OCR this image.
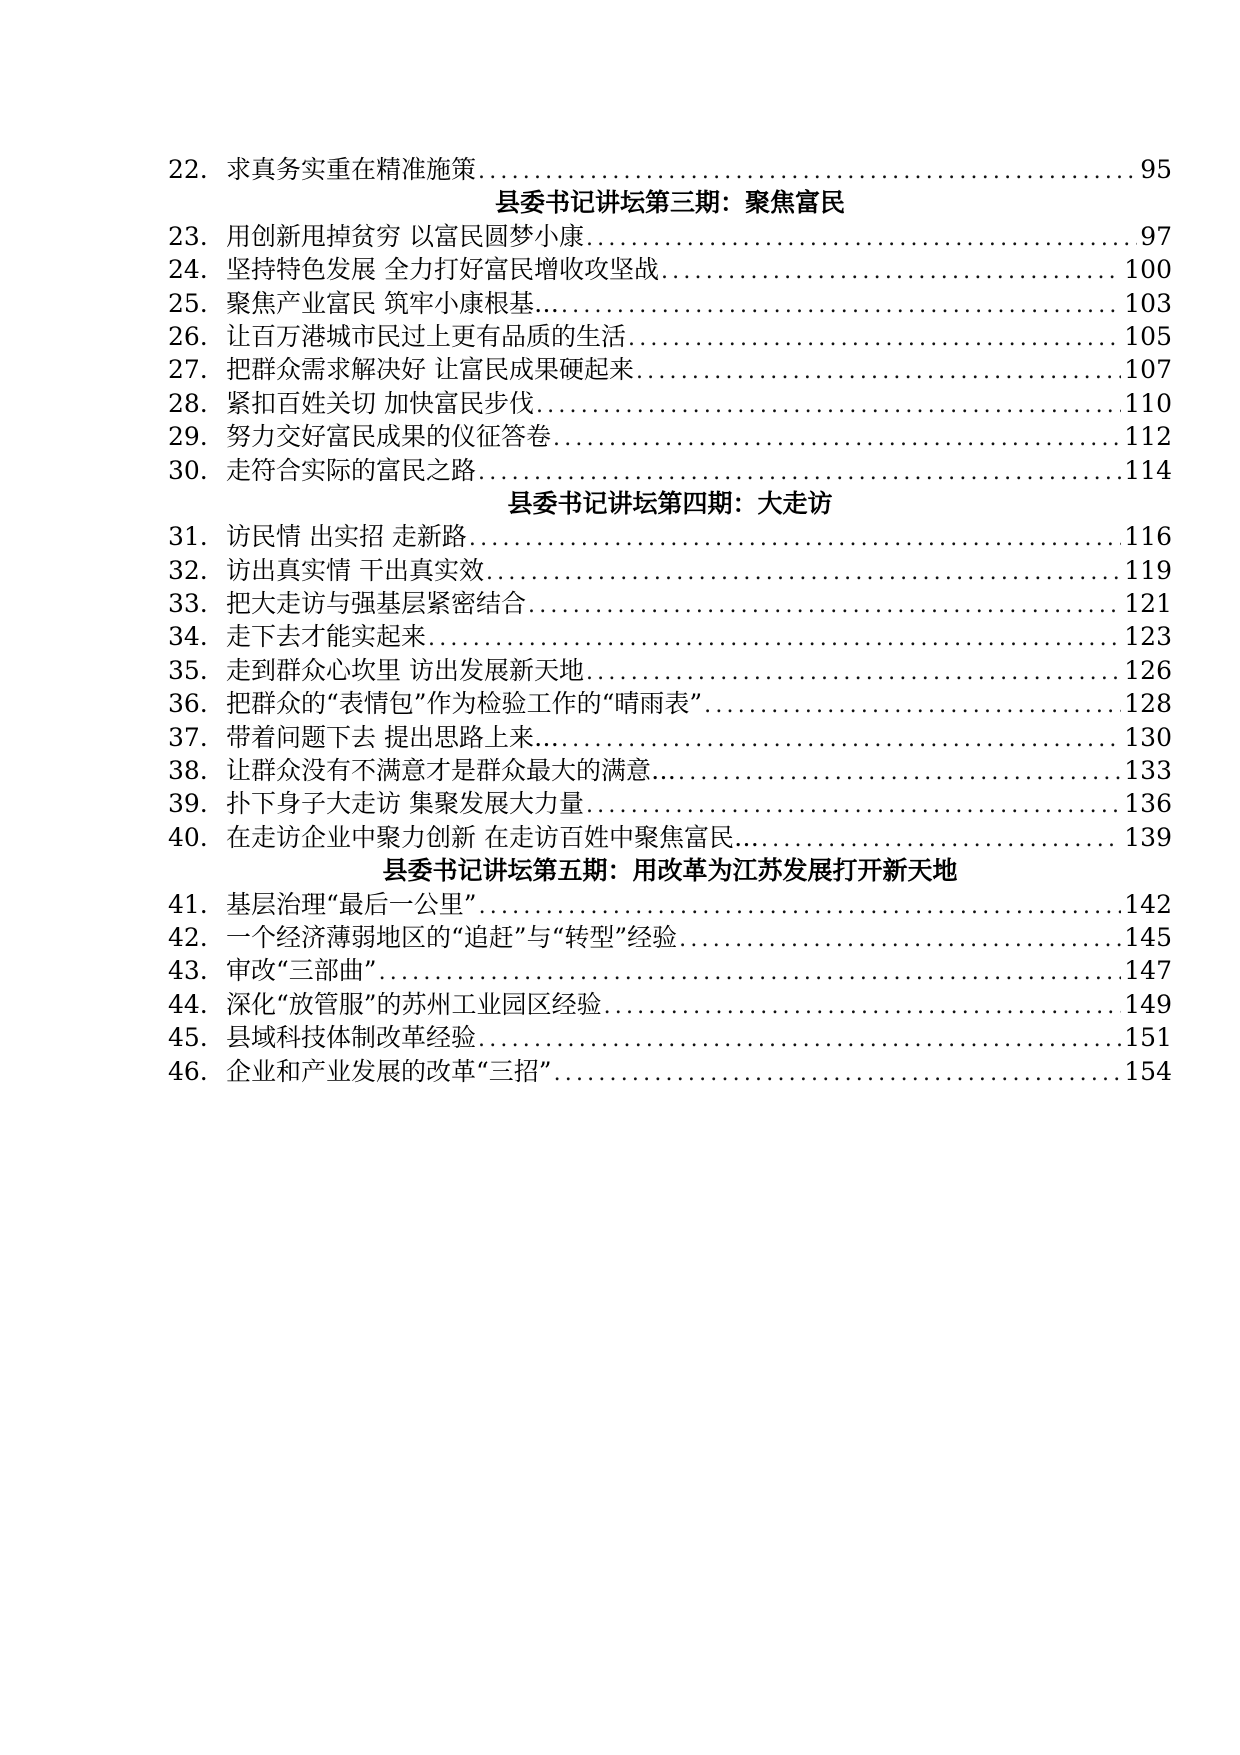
22. 求真务实重在精准施策 .....	95
县委书记讲坛第三期：聚焦富民
23. 用创新甩掉贫穷 以富民圆梦小康 .....	97
24. 坚持特色发展 全力打好富民增收攻坚战 .....	100
25. 聚焦产业富民 筑牢小康根基… .....	103
26. 让百万港城市民过上更有品质的生活 .....	105
27. 把群众需求解决好 让富民成果硬起来 .....	107
28. 紧扣百姓关切 加快富民步伐 .....	110
29. 努力交好富民成果的仪征答卷 .....	112
30. 走符合实际的富民之路 .....	114
县委书记讲坛第四期：大走访
31. 访民情 出实招 走新路 .....	116
32. 访出真实情 干出真实效 .....	119
33. 把大走访与强基层紧密结合 .....	121
34. 走下去才能实起来 .....	123
35. 走到群众心坎里 访出发展新天地 .....	126
36. 把群众的“表情包”作为检验工作的“晴雨表” .....	128
37. 带着问题下去 提出思路上来… .....	130
38. 让群众没有不满意才是群众最大的满意… .....	133
39. 扑下身子大走访 集聚发展大力量 .....	136
40. 在走访企业中聚力创新 在走访百姓中聚焦富民… .....	139
县委书记讲坛第五期：用改革为江苏发展打开新天地
41. 基层治理“最后一公里” .....	142
42. 一个经济薄弱地区的“追赶”与“转型”经验 .....	145
43. 审改“三部曲” .....	147
44. 深化“放管服”的苏州工业园区经验 .....	149
45. 县域科技体制改革经验 .....	151
46. 企业和产业发展的改革“三招” .....	154
